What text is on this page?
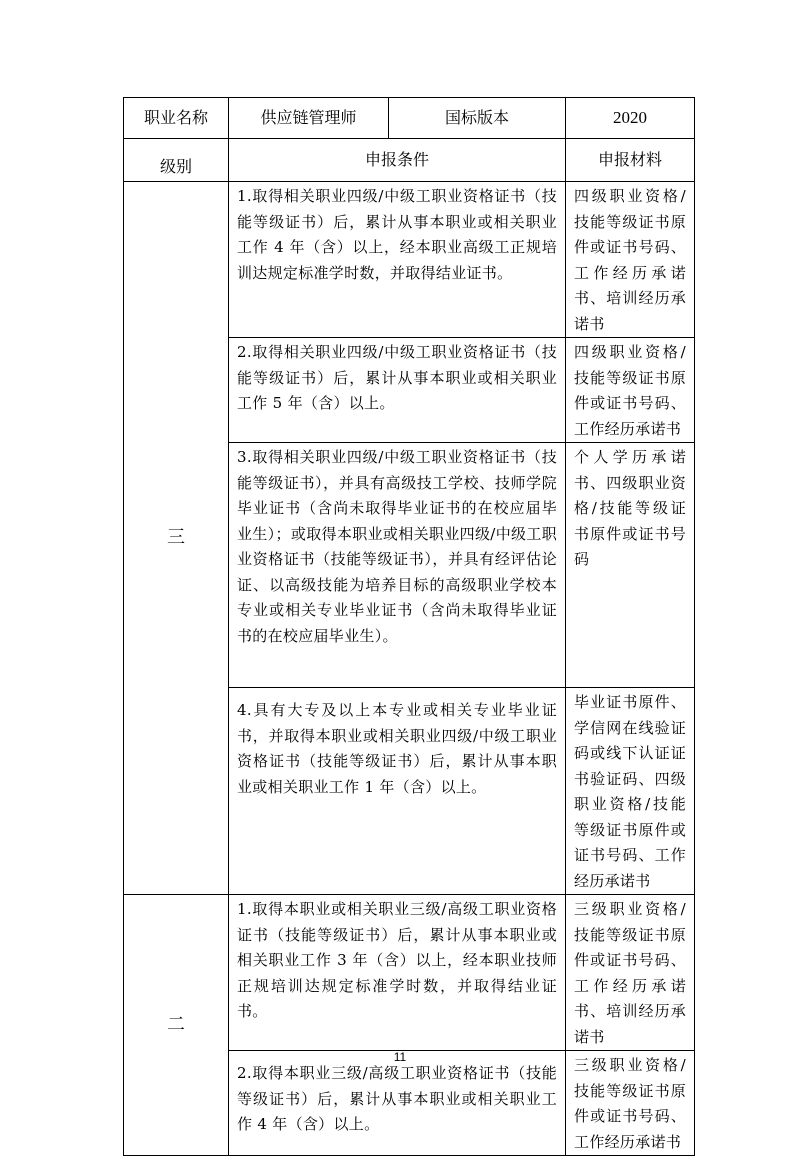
职业名称	供应链管理师	国标版本	2020
级别	申报条件		申报材料
三	1.取得相关职业四级/中级工职业资格证书（技能等级证书）后，累计从事本职业或相关职业工作 4 年（含）以上，经本职业高级工正规培训达规定标准学时数，并取得结业证书。		四级职业资格/技能等级证书原件或证书号码、工作经历承诺书、培训经历承诺书
	2.取得相关职业四级/中级工职业资格证书（技能等级证书）后，累计从事本职业或相关职业工作 5 年（含）以上。		四级职业资格/技能等级证书原件或证书号码、工作经历承诺书
	3.取得相关职业四级/中级工职业资格证书（技能等级证书），并具有高级技工学校、技师学院毕业证书（含尚未取得毕业证书的在校应届毕业生）；或取得本职业或相关职业四级/中级工职业资格证书（技能等级证书），并具有经评估论证、以高级技能为培养目标的高级职业学校本专业或相关专业毕业证书（含尚未取得毕业证书的在校应届毕业生）。		个人学历承诺书、四级职业资格/技能等级证书原件或证书号码
	4.具有大专及以上本专业或相关专业毕业证书，并取得本职业或相关职业四级/中级工职业资格证书（技能等级证书）后，累计从事本职业或相关职业工作 1 年（含）以上。		毕业证书原件、学信网在线验证码或线下认证证书验证码、四级职业资格/技能等级证书原件或证书号码、工作经历承诺书
二	1.取得本职业或相关职业三级/高级工职业资格证书（技能等级证书）后，累计从事本职业或相关职业工作 3 年（含）以上，经本职业技师正规培训达规定标准学时数，并取得结业证书。		三级职业资格/技能等级证书原件或证书号码、工作经历承诺书、培训经历承诺书
	2.取得本职业三级/高级工职业资格证书（技能等级证书）后，累计从事本职业或相关职业工作 4 年（含）以上。		三级职业资格/技能等级证书原件或证书号码、工作经历承诺书
11
